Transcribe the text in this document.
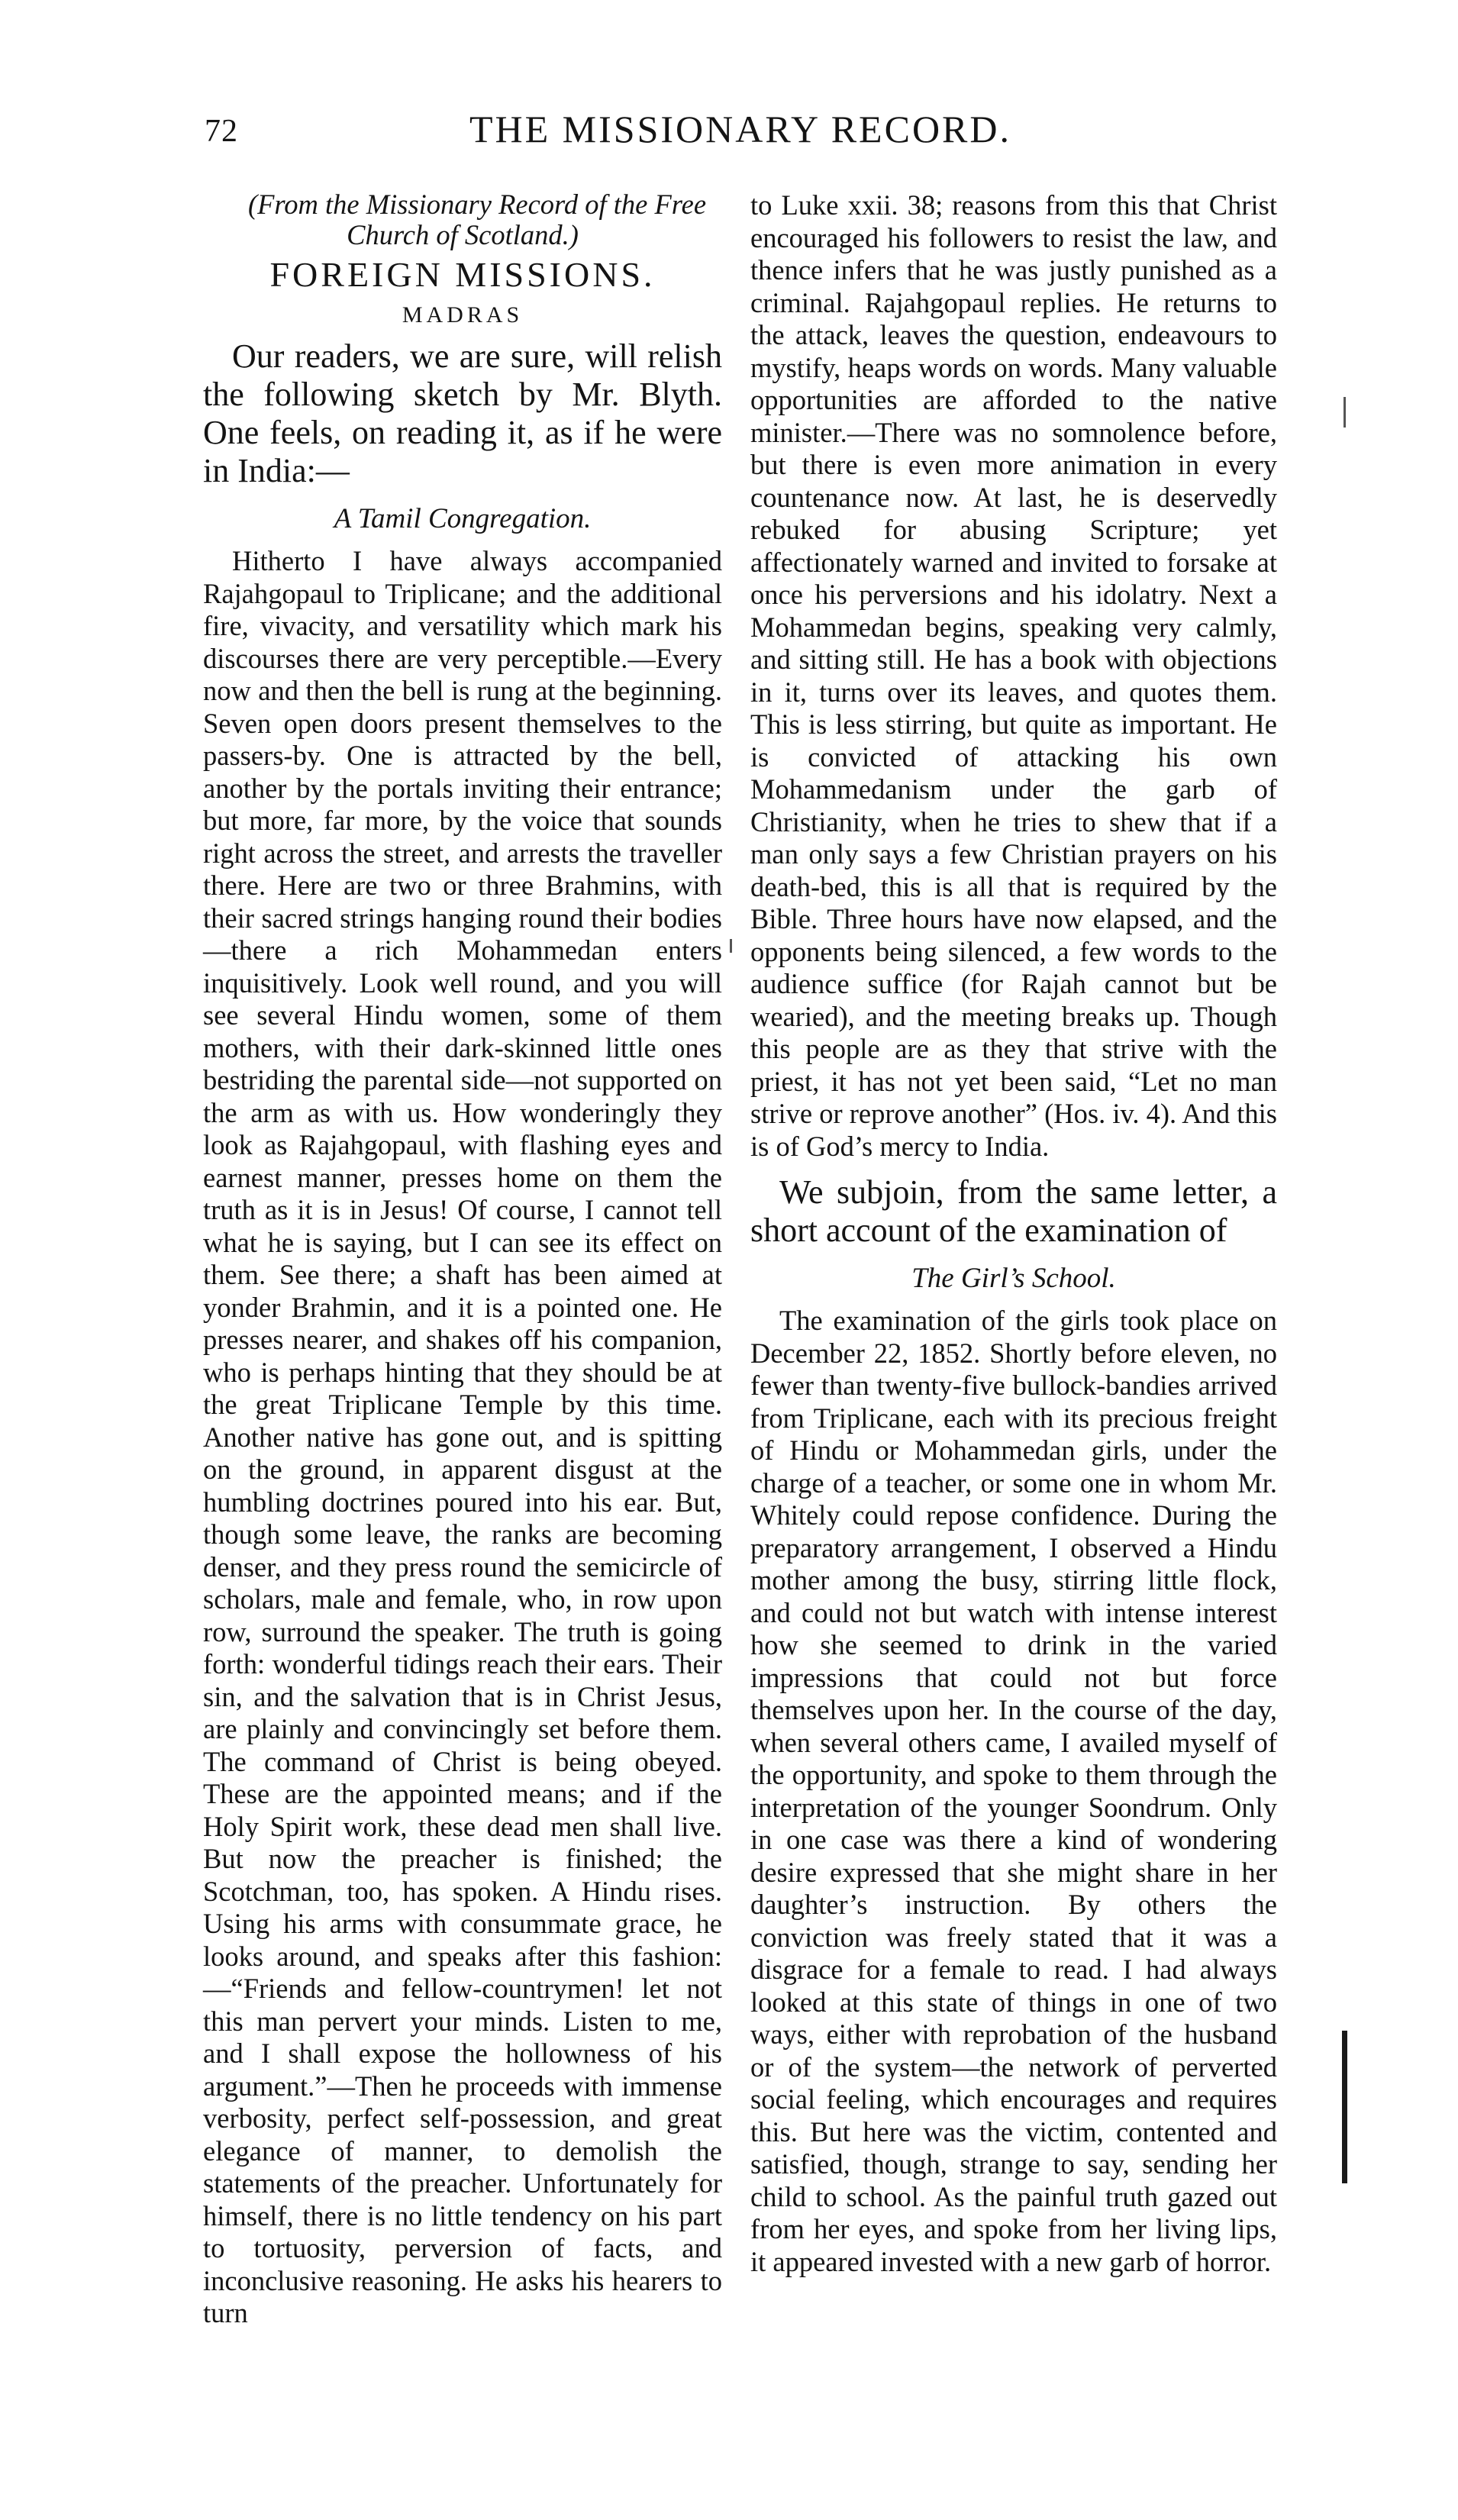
72	THE MISSIONARY RECORD.

(From the Missionary Record of the Free Church of Scotland.)

FOREIGN MISSIONS.
MADRAS

Our readers, we are sure, will relish the following sketch by Mr. Blyth. One feels, on reading it, as if he were in India:—

A Tamil Congregation.

Hitherto I have always accompanied Rajahgopaul to Triplicane; and the additional fire, vivacity, and versatility which mark his discourses there are very perceptible.—Every now and then the bell is rung at the beginning. Seven open doors present themselves to the passers-by. One is attracted by the bell, another by the portals inviting their entrance; but more, far more, by the voice that sounds right across the street, and arrests the traveller there. Here are two or three Brahmins, with their sacred strings hanging round their bodies—there a rich Mohammedan enters inquisitively. Look well round, and you will see several Hindu women, some of them mothers, with their dark-skinned little ones bestriding the parental side—not supported on the arm as with us. How wonderingly they look as Rajahgopaul, with flashing eyes and earnest manner, presses home on them the truth as it is in Jesus! Of course, I cannot tell what he is saying, but I can see its effect on them. See there; a shaft has been aimed at yonder Brahmin, and it is a pointed one. He presses nearer, and shakes off his companion, who is perhaps hinting that they should be at the great Triplicane Temple by this time. Another native has gone out, and is spitting on the ground, in apparent disgust at the humbling doctrines poured into his ear. But, though some leave, the ranks are becoming denser, and they press round the semicircle of scholars, male and female, who, in row upon row, surround the speaker. The truth is going forth: wonderful tidings reach their ears. Their sin, and the salvation that is in Christ Jesus, are plainly and convincingly set before them. The command of Christ is being obeyed. These are the appointed means; and if the Holy Spirit work, these dead men shall live. But now the preacher is finished; the Scotchman, too, has spoken. A Hindu rises. Using his arms with consummate grace, he looks around, and speaks after this fashion:—“Friends and fellow-countrymen! let not this man pervert your minds. Listen to me, and I shall expose the hollowness of his argument.”—Then he proceeds with immense verbosity, perfect self-possession, and great elegance of manner, to demolish the statements of the preacher. Unfortunately for himself, there is no little tendency on his part to tortuosity, perversion of facts, and inconclusive reasoning. He asks his hearers to turn

to Luke xxii. 38; reasons from this that Christ encouraged his followers to resist the law, and thence infers that he was justly punished as a criminal. Rajahgopaul replies. He returns to the attack, leaves the question, endeavours to mystify, heaps words on words. Many valuable opportunities are afforded to the native minister.—There was no somnolence before, but there is even more animation in every countenance now. At last, he is deservedly rebuked for abusing Scripture; yet affectionately warned and invited to forsake at once his perversions and his idolatry. Next a Mohammedan begins, speaking very calmly, and sitting still. He has a book with objections in it, turns over its leaves, and quotes them. This is less stirring, but quite as important. He is convicted of attacking his own Mohammedanism under the garb of Christianity, when he tries to shew that if a man only says a few Christian prayers on his death-bed, this is all that is required by the Bible. Three hours have now elapsed, and the opponents being silenced, a few words to the audience suffice (for Rajah cannot but be wearied), and the meeting breaks up. Though this people are as they that strive with the priest, it has not yet been said, “Let no man strive or reprove another” (Hos. iv. 4). And this is of God’s mercy to India.

We subjoin, from the same letter, a short account of the examination of

The Girl’s School.

The examination of the girls took place on December 22, 1852. Shortly before eleven, no fewer than twenty-five bullock-bandies arrived from Triplicane, each with its precious freight of Hindu or Mohammedan girls, under the charge of a teacher, or some one in whom Mr. Whitely could repose confidence. During the preparatory arrangement, I observed a Hindu mother among the busy, stirring little flock, and could not but watch with intense interest how she seemed to drink in the varied impressions that could not but force themselves upon her. In the course of the day, when several others came, I availed myself of the opportunity, and spoke to them through the interpretation of the younger Soondrum. Only in one case was there a kind of wondering desire expressed that she might share in her daughter’s instruction. By others the conviction was freely stated that it was a disgrace for a female to read. I had always looked at this state of things in one of two ways, either with reprobation of the husband or of the system—the network of perverted social feeling, which encourages and requires this. But here was the victim, contented and satisfied, though, strange to say, sending her child to school. As the painful truth gazed out from her eyes, and spoke from her living lips, it appeared invested with a new garb of horror.
